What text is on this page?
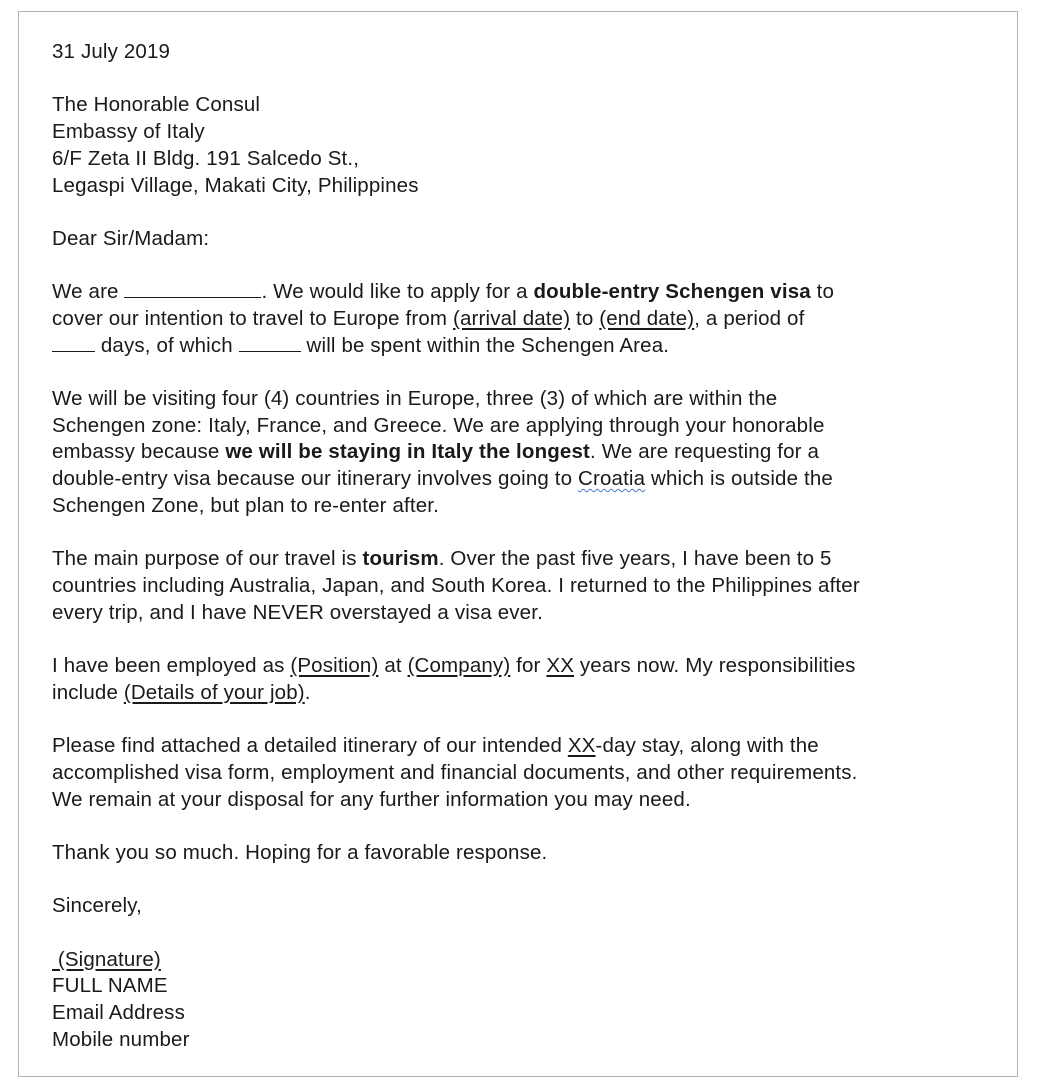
31 July 2019

The Honorable Consul
Embassy of Italy
6/F Zeta II Bldg. 191 Salcedo St.,
Legaspi Village, Makati City, Philippines

Dear Sir/Madam:

We are	. We would like to apply for a double-entry Schengen visa to
cover our intention to travel to Europe from (arrival date) to (end date), a period of
days, of which	will be spent within the Schengen Area.

We will be visiting four (4) countries in Europe, three (3) of which are within the
Schengen zone: Italy, France, and Greece. We are applying through your honorable
embassy because we will be staying in Italy the longest. We are requesting for a
double-entry visa because our itinerary involves going to Croatia which is outside the
Schengen Zone, but plan to re-enter after.

The main purpose of our travel is tourism. Over the past five years, I have been to 5
countries including Australia, Japan, and South Korea. I returned to the Philippines after
every trip, and I have NEVER overstayed a visa ever.

I have been employed as (Position) at (Company) for XX years now. My responsibilities
include (Details of your job).

Please find attached a detailed itinerary of our intended XX-day stay, along with the
accomplished visa form, employment and financial documents, and other requirements.
We remain at your disposal for any further information you may need.

Thank you so much. Hoping for a favorable response.

Sincerely,

(Signature)
FULL NAME
Email Address
Mobile number
